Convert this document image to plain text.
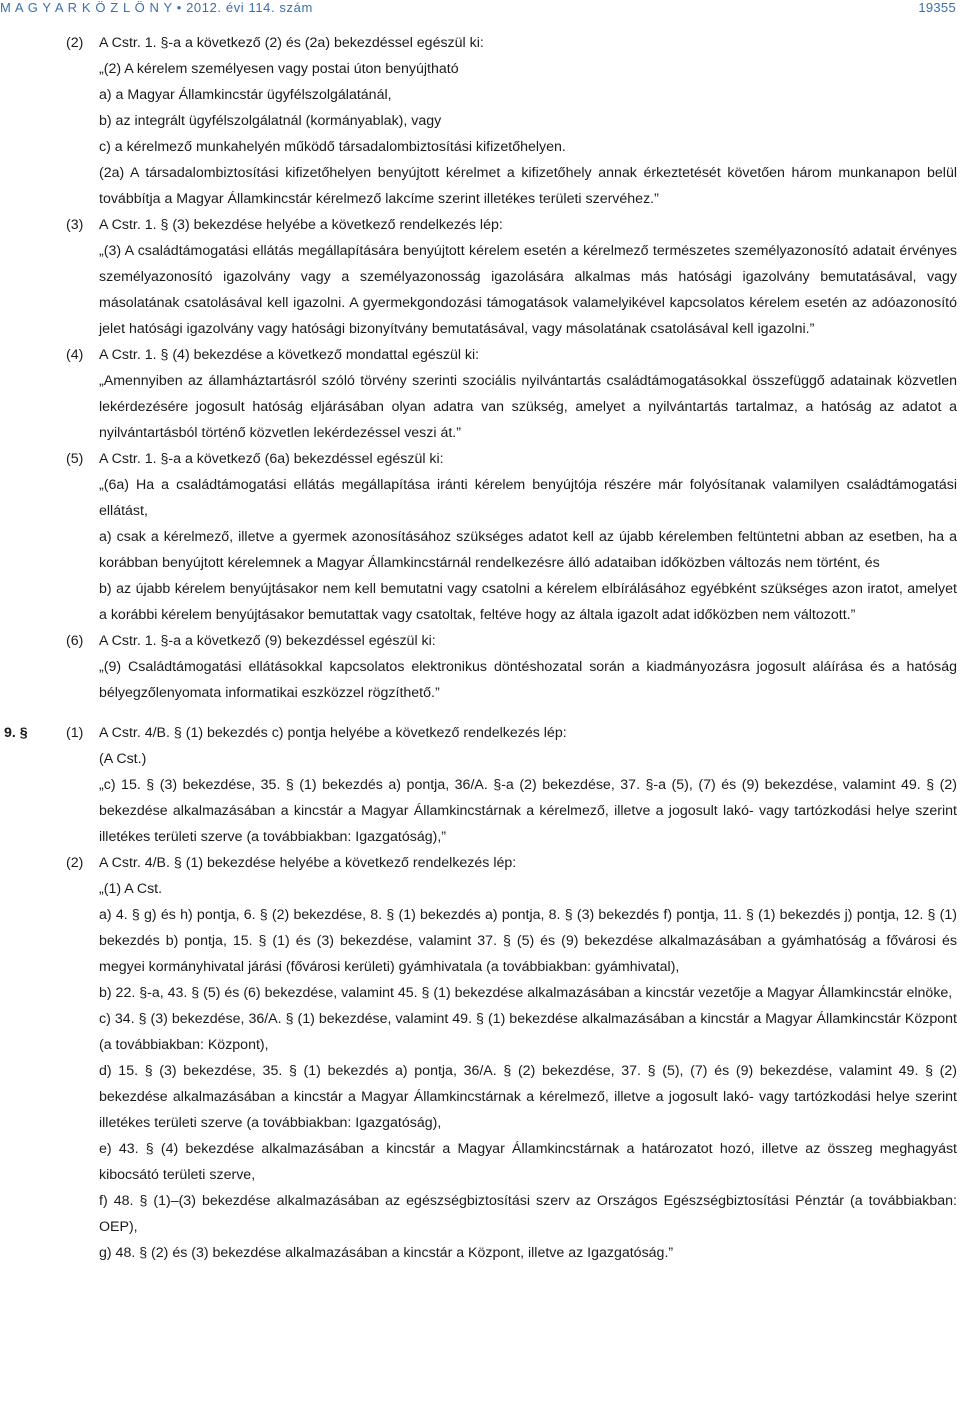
M A G Y A R K Ö Z L Ö N Y • 2012. évi 114. szám	19355
(2) A Cstr. 1. §-a a következő (2) és (2a) bekezdéssel egészül ki:
„(2) A kérelem személyesen vagy postai úton benyújtható
a) a Magyar Államkincstár ügyfélszolgálatánál,
b) az integrált ügyfélszolgálatnál (kormányablak), vagy
c) a kérelmező munkahelyén működő társadalombiztosítási kifizetőhelyen.
(2a) A társadalombiztosítási kifizetőhelyen benyújtott kérelmet a kifizetőhely annak érkeztetését követően három munkanapon belül továbbítja a Magyar Államkincstár kérelmező lakcíme szerint illetékes területi szervéhez.”
(3) A Cstr. 1. § (3) bekezdése helyébe a következő rendelkezés lép:
„(3) A családtámogatási ellátás megállapítására benyújtott kérelem esetén a kérelmező természetes személyazonosító adatait érvényes személyazonosító igazolvány vagy a személyazonosság igazolására alkalmas más hatósági igazolvány bemutatásával, vagy másolatának csatolásával kell igazolni. A gyermekgondozási támogatások valamelyikével kapcsolatos kérelem esetén az adóazonosító jelet hatósági igazolvány vagy hatósági bizonyítvány bemutatásával, vagy másolatának csatolásával kell igazolni.”
(4) A Cstr. 1. § (4) bekezdése a következő mondattal egészül ki:
„Amennyiben az államháztartásról szóló törvény szerinti szociális nyilvántartás családtámogatásokkal összefüggő adatainak közvetlen lekérdezésére jogosult hatóság eljárásában olyan adatra van szükség, amelyet a nyilvántartás tartalmaz, a hatóság az adatot a nyilvántartásból történő közvetlen lekérdezéssel veszi át.”
(5) A Cstr. 1. §-a a következő (6a) bekezdéssel egészül ki:
„(6a) Ha a családtámogatási ellátás megállapítása iránti kérelem benyújtója részére már folyósítanak valamilyen családtámogatási ellátást,
a) csak a kérelmező, illetve a gyermek azonosításához szükséges adatot kell az újabb kérelemben feltüntetni abban az esetben, ha a korábban benyújtott kérelemnek a Magyar Államkincstárnál rendelkezésre álló adataiban időközben változás nem történt, és
b) az újabb kérelem benyújtásakor nem kell bemutatni vagy csatolni a kérelem elbírálásához egyébként szükséges azon iratot, amelyet a korábbi kérelem benyújtásakor bemutattak vagy csatoltak, feltéve hogy az általa igazolt adat időközben nem változott.”
(6) A Cstr. 1. §-a a következő (9) bekezdéssel egészül ki:
„(9) Családtámogatási ellátásokkal kapcsolatos elektronikus döntéshozatal során a kiadmányozásra jogosult aláírása és a hatóság bélyegzőlenyomata informatikai eszközzel rögzíthető.”
9. §	(1) A Cstr. 4/B. § (1) bekezdés c) pontja helyébe a következő rendelkezés lép:
(A Cst.)
„c) 15. § (3) bekezdése, 35. § (1) bekezdés a) pontja, 36/A. §-a (2) bekezdése, 37. §-a (5), (7) és (9) bekezdése, valamint 49. § (2) bekezdése alkalmazásában a kincstár a Magyar Államkincstárnak a kérelmező, illetve a jogosult lakó- vagy tartózkodási helye szerint illetékes területi szerve (a továbbiakban: Igazgatóság),”
(2) A Cstr. 4/B. § (1) bekezdése helyébe a következő rendelkezés lép:
„(1) A Cst.
a) 4. § g) és h) pontja, 6. § (2) bekezdése, 8. § (1) bekezdés a) pontja, 8. § (3) bekezdés f) pontja, 11. § (1) bekezdés j) pontja, 12. § (1) bekezdés b) pontja, 15. § (1) és (3) bekezdése, valamint 37. § (5) és (9) bekezdése alkalmazásában a gyámhatóság a fővárosi és megyei kormányhivatal járási (fővárosi kerületi) gyámhivatala (a továbbiakban: gyámhivatal),
b) 22. §-a, 43. § (5) és (6) bekezdése, valamint 45. § (1) bekezdése alkalmazásában a kincstár vezetője a Magyar Államkincstár elnöke,
c) 34. § (3) bekezdése, 36/A. § (1) bekezdése, valamint 49. § (1) bekezdése alkalmazásában a kincstár a Magyar Államkincstár Központ (a továbbiakban: Központ),
d) 15. § (3) bekezdése, 35. § (1) bekezdés a) pontja, 36/A. § (2) bekezdése, 37. § (5), (7) és (9) bekezdése, valamint 49. § (2) bekezdése alkalmazásában a kincstár a Magyar Államkincstárnak a kérelmező, illetve a jogosult lakó- vagy tartózkodási helye szerint illetékes területi szerve (a továbbiakban: Igazgatóság),
e) 43. § (4) bekezdése alkalmazásában a kincstár a Magyar Államkincstárnak a határozatot hozó, illetve az összeg meghagyást kibocsátó területi szerve,
f) 48. § (1)–(3) bekezdése alkalmazásában az egészségbiztosítási szerv az Országos Egészségbiztosítási Pénztár (a továbbiakban: OEP),
g) 48. § (2) és (3) bekezdése alkalmazásában a kincstár a Központ, illetve az Igazgatóság.”
